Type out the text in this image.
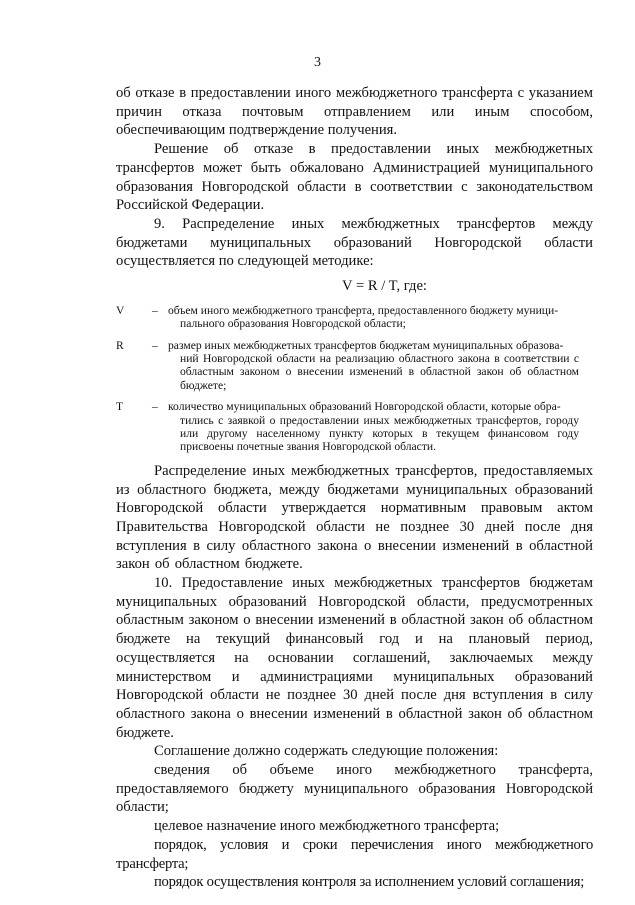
3

об отказе в предоставлении иного межбюджетного трансферта с указанием причин отказа почтовым отправлением или иным способом, обеспечивающим подтверждение получения.

Решение об отказе в предоставлении иных межбюджетных трансфертов может быть обжаловано Администрацией муниципального образования Новгородской области в соответствии с законодательством Российской Федерации.

9. Распределение иных межбюджетных трансфертов между бюджетами муниципальных образований Новгородской области осуществляется по следующей методике:

V = R / T, где:
V	– объем иного межбюджетного трансферта, предоставленного бюджету муници-
пального образования Новгородской области;
R	– размер иных межбюджетных трансфертов бюджетам муниципальных образова-
ний Новгородской области на реализацию областного закона в соответствии с областным законом о внесении изменений в областной закон об областном бюджете;
T	– количество муниципальных образований Новгородской области, которые обра-
тились с заявкой о предоставлении иных межбюджетных трансфертов, городу или другому населенному пункту которых в текущем финансовом году присвоены почетные звания Новгородской области.

Распределение иных межбюджетных трансфертов, предоставляемых из областного бюджета, между бюджетами муниципальных образований Новгородской области утверждается нормативным правовым актом Правительства Новгородской области не позднее 30 дней после дня вступления в силу областного закона о внесении изменений в областной закон об областном бюджете.

10. Предоставление иных межбюджетных трансфертов бюджетам муниципальных образований Новгородской области, предусмотренных областным законом о внесении изменений в областной закон об областном бюджете на текущий финансовый год и на плановый период, осуществляется на основании соглашений, заключаемых между министерством и администрациями муниципальных образований Новгородской области не позднее 30 дней после дня вступления в силу областного закона о внесении изменений в областной закон об областном бюджете.

Соглашение должно содержать следующие положения:

сведения об объеме иного межбюджетного трансферта, предоставляемого бюджету муниципального образования Новгородской области;

целевое назначение иного межбюджетного трансферта;

порядок, условия и сроки перечисления иного межбюджетного трансферта;

порядок осуществления контроля за исполнением условий соглашения;
